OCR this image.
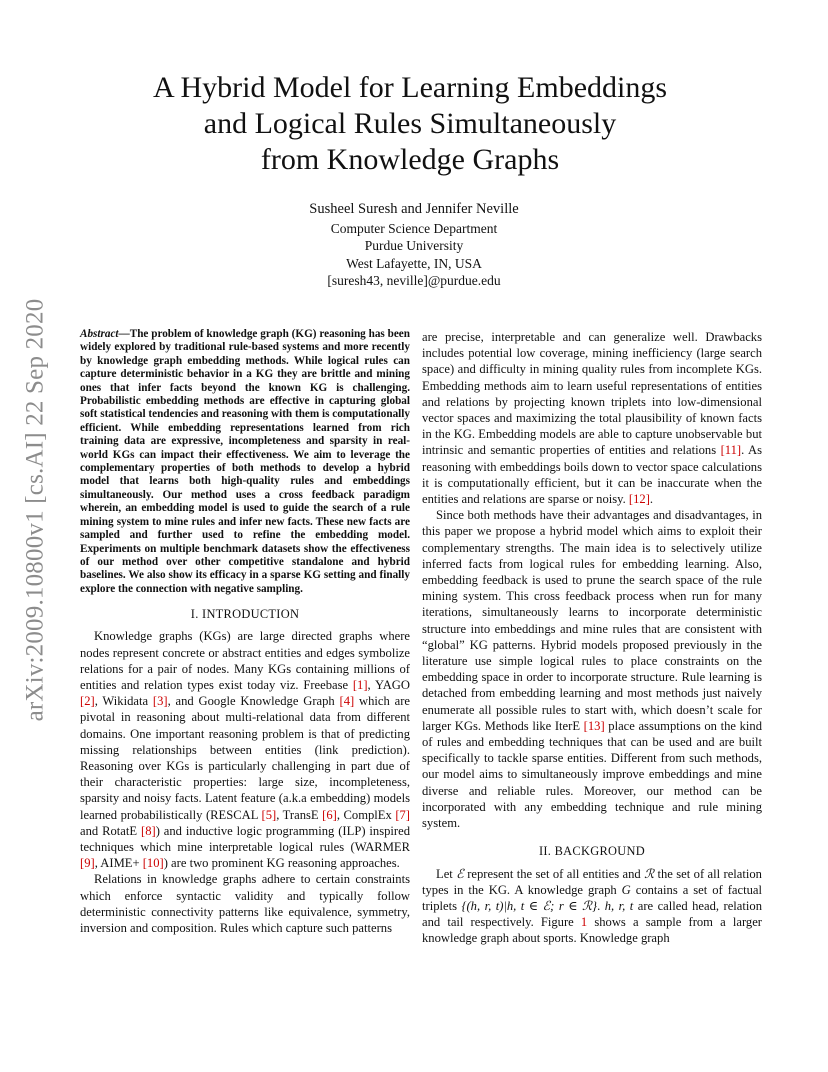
arXiv:2009.10800v1 [cs.AI] 22 Sep 2020
A Hybrid Model for Learning Embeddings
and Logical Rules Simultaneously
from Knowledge Graphs
Susheel Suresh and Jennifer Neville
Computer Science Department
Purdue University
West Lafayette, IN, USA
[suresh43, neville]@purdue.edu

Abstract—The problem of knowledge graph (KG) reasoning has been widely explored by traditional rule-based systems and more recently by knowledge graph embedding methods. While logical rules can capture deterministic behavior in a KG they are brittle and mining ones that infer facts beyond the known KG is challenging. Probabilistic embedding methods are effective in capturing global soft statistical tendencies and reasoning with them is computationally efficient. While embedding representations learned from rich training data are expressive, incompleteness and sparsity in real-world KGs can impact their effectiveness. We aim to leverage the complementary properties of both methods to develop a hybrid model that learns both high-quality rules and embeddings simultaneously. Our method uses a cross feedback paradigm wherein, an embedding model is used to guide the search of a rule mining system to mine rules and infer new facts. These new facts are sampled and further used to refine the embedding model. Experiments on multiple benchmark datasets show the effectiveness of our method over other competitive standalone and hybrid baselines. We also show its efficacy in a sparse KG setting and finally explore the connection with negative sampling.

I. INTRODUCTION

Knowledge graphs (KGs) are large directed graphs where nodes represent concrete or abstract entities and edges symbolize relations for a pair of nodes. Many KGs containing millions of entities and relation types exist today viz. Freebase [1], YAGO [2], Wikidata [3], and Google Knowledge Graph [4] which are pivotal in reasoning about multi-relational data from different domains. One important reasoning problem is that of predicting missing relationships between entities (link prediction). Reasoning over KGs is particularly challenging in part due of their characteristic properties: large size, incompleteness, sparsity and noisy facts. Latent feature (a.k.a embedding) models learned probabilistically (RESCAL [5], TransE [6], ComplEx [7] and RotatE [8]) and inductive logic programming (ILP) inspired techniques which mine interpretable logical rules (WARMER [9], AIME+ [10]) are two prominent KG reasoning approaches.

Relations in knowledge graphs adhere to certain constraints which enforce syntactic validity and typically follow deterministic connectivity patterns like equivalence, symmetry, inversion and composition. Rules which capture such patterns

are precise, interpretable and can generalize well. Drawbacks includes potential low coverage, mining inefficiency (large search space) and difficulty in mining quality rules from incomplete KGs. Embedding methods aim to learn useful representations of entities and relations by projecting known triplets into low-dimensional vector spaces and maximizing the total plausibility of known facts in the KG. Embedding models are able to capture unobservable but intrinsic and semantic properties of entities and relations [11]. As reasoning with embeddings boils down to vector space calculations it is computationally efficient, but it can be inaccurate when the entities and relations are sparse or noisy. [12].

Since both methods have their advantages and disadvantages, in this paper we propose a hybrid model which aims to exploit their complementary strengths. The main idea is to selectively utilize inferred facts from logical rules for embedding learning. Also, embedding feedback is used to prune the search space of the rule mining system. This cross feedback process when run for many iterations, simultaneously learns to incorporate deterministic structure into embeddings and mine rules that are consistent with “global” KG patterns. Hybrid models proposed previously in the literature use simple logical rules to place constraints on the embedding space in order to incorporate structure. Rule learning is detached from embedding learning and most methods just naively enumerate all possible rules to start with, which doesn’t scale for larger KGs. Methods like IterE [13] place assumptions on the kind of rules and embedding techniques that can be used and are built specifically to tackle sparse entities. Different from such methods, our model aims to simultaneously improve embeddings and mine diverse and reliable rules. Moreover, our method can be incorporated with any embedding technique and rule mining system.

II. BACKGROUND

Let ℰ represent the set of all entities and ℛ the set of all relation types in the KG. A knowledge graph G contains a set of factual triplets {(h, r, t)|h, t ∈ ℰ; r ∈ ℛ}. h, r, t are called head, relation and tail respectively. Figure 1 shows a sample from a larger knowledge graph about sports. Knowledge graph
